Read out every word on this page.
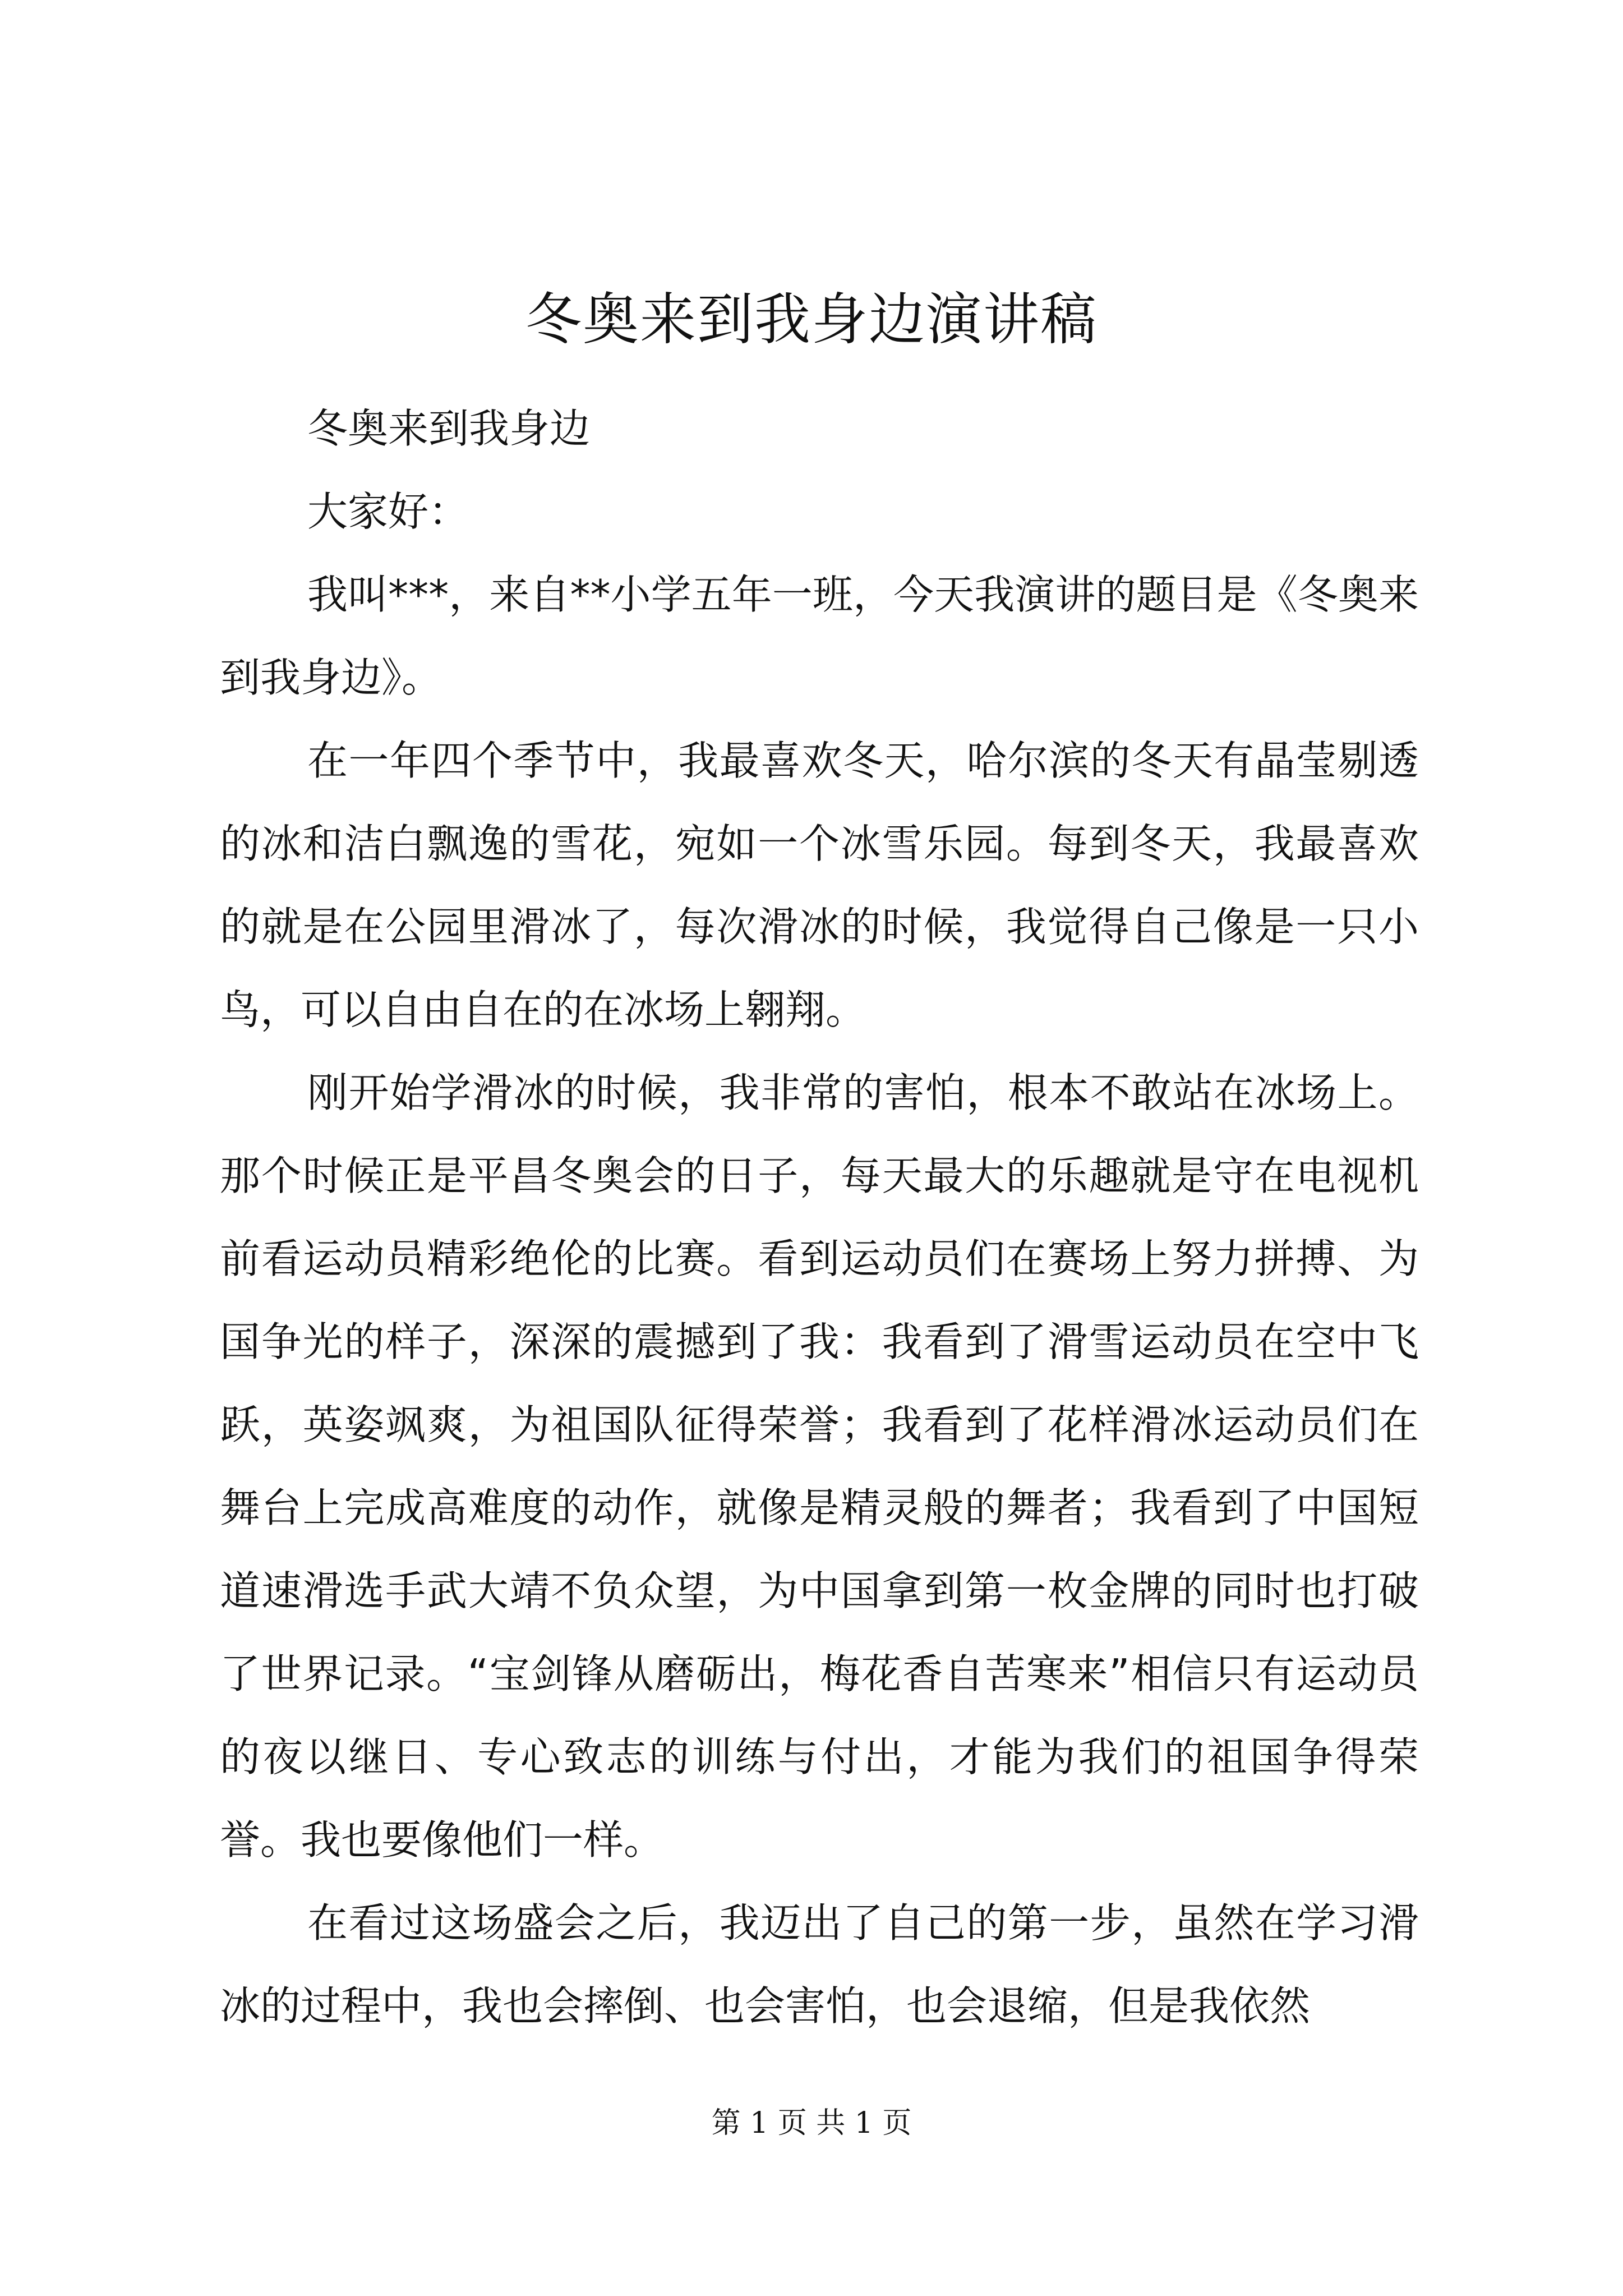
冬奥来到我身边演讲稿

冬奥来到我身边

大家好：

我叫***，来自**小学五年一班，今天我演讲的题目是《冬奥来到我身边》。

在一年四个季节中，我最喜欢冬天，哈尔滨的冬天有晶莹剔透的冰和洁白飘逸的雪花，宛如一个冰雪乐园。每到冬天，我最喜欢的就是在公园里滑冰了，每次滑冰的时候，我觉得自己像是一只小鸟，可以自由自在的在冰场上翱翔。

刚开始学滑冰的时候，我非常的害怕，根本不敢站在冰场上。那个时候正是平昌冬奥会的日子，每天最大的乐趣就是守在电视机前看运动员精彩绝伦的比赛。看到运动员们在赛场上努力拼搏、为国争光的样子，深深的震撼到了我：我看到了滑雪运动员在空中飞跃，英姿飒爽，为祖国队征得荣誉；我看到了花样滑冰运动员们在舞台上完成高难度的动作，就像是精灵般的舞者；我看到了中国短道速滑选手武大靖不负众望，为中国拿到第一枚金牌的同时也打破了世界记录。“宝剑锋从磨砺出，梅花香自苦寒来”相信只有运动员的夜以继日、专心致志的训练与付出，才能为我们的祖国争得荣誉。我也要像他们一样。

在看过这场盛会之后，我迈出了自己的第一步，虽然在学习滑冰的过程中，我也会摔倒、也会害怕，也会退缩，但是我依然

第 1 页 共 1 页
